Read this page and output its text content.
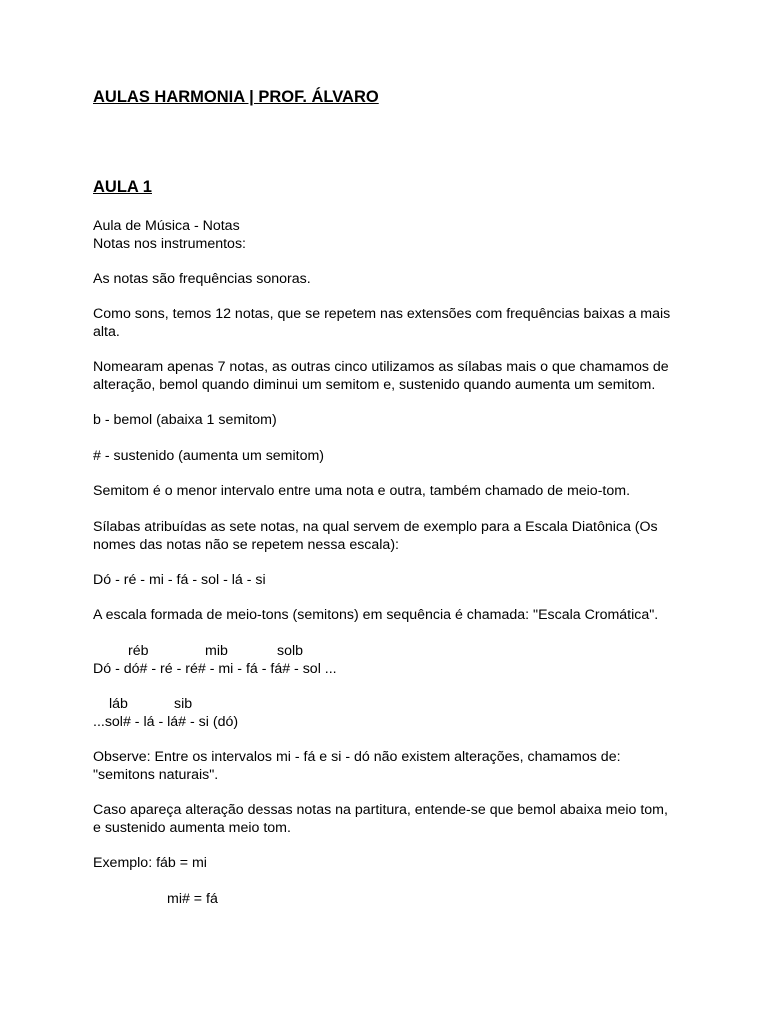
AULAS HARMONIA | PROF. ÁLVARO
AULA 1

Aula de Música - Notas

Notas nos instrumentos:

As notas são frequências sonoras.

Como sons, temos 12 notas, que se repetem nas extensões com frequências baixas a mais

alta.

Nomearam apenas 7 notas, as outras cinco utilizamos as sílabas mais o que chamamos de

alteração, bemol quando diminui um semitom e, sustenido quando aumenta um semitom.

b - bemol (abaixa 1 semitom)

# - sustenido (aumenta um semitom)

Semitom é o menor intervalo entre uma nota e outra, também chamado de meio-tom.

Sílabas atribuídas as sete notas, na qual servem de exemplo para a Escala Diatônica (Os

nomes das notas não se repetem nessa escala):

Dó - ré - mi - fá - sol - lá - si

A escala formada de meio-tons (semitons) em sequência é chamada: "Escala Cromática".

réb	mib	solb

Dó - dó# - ré - ré# - mi - fá - fá# - sol ...

láb	sib

...sol# - lá - lá# - si (dó)

Observe: Entre os intervalos mi - fá e si - dó não existem alterações, chamamos de:

"semitons naturais".

Caso apareça alteração dessas notas na partitura, entende-se que bemol abaixa meio tom,

e sustenido aumenta meio tom.

Exemplo: fáb = mi

mi# = fá
